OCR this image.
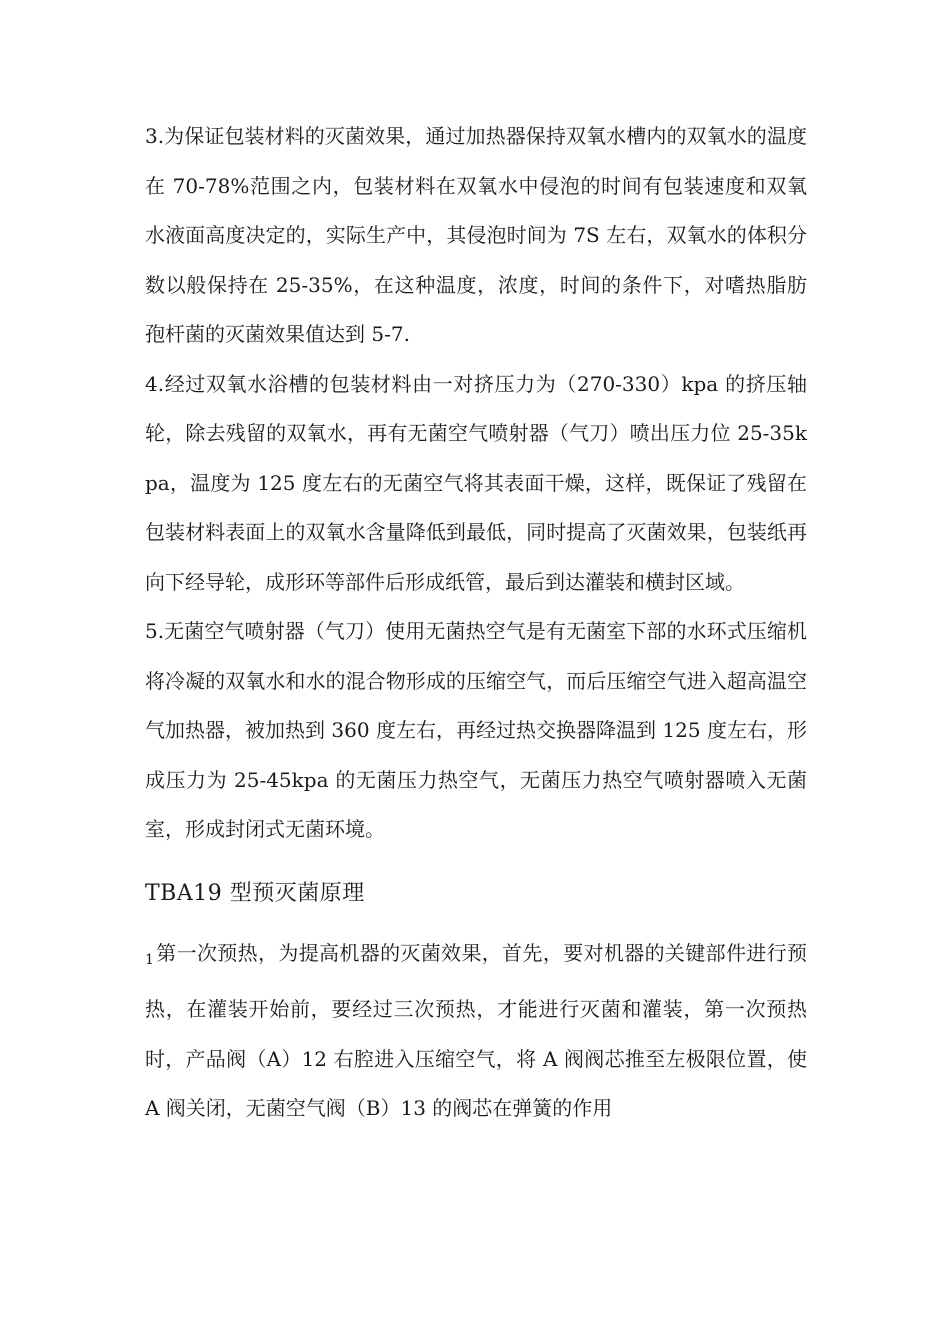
3.为保证包装材料的灭菌效果，通过加热器保持双氧水槽内的双氧水的温度在 70-78%范围之内，包装材料在双氧水中侵泡的时间有包装速度和双氧水液面高度决定的，实际生产中，其侵泡时间为 7S 左右，双氧水的体积分数以般保持在 25-35%，在这种温度，浓度，时间的条件下，对嗜热脂肪孢杆菌的灭菌效果值达到 5-7.

4.经过双氧水浴槽的包装材料由一对挤压力为（270-330）kpa 的挤压轴轮，除去残留的双氧水，再有无菌空气喷射器（气刀）喷出压力位 25-35kpa，温度为 125 度左右的无菌空气将其表面干燥，这样，既保证了残留在包装材料表面上的双氧水含量降低到最低，同时提高了灭菌效果，包装纸再向下经导轮，成形环等部件后形成纸管，最后到达灌装和横封区域。

5.无菌空气喷射器（气刀）使用无菌热空气是有无菌室下部的水环式压缩机将冷凝的双氧水和水的混合物形成的压缩空气，而后压缩空气进入超高温空气加热器，被加热到 360 度左右，再经过热交换器降温到 125 度左右，形成压力为 25-45kpa 的无菌压力热空气，无菌压力热空气喷射器喷入无菌室，形成封闭式无菌环境。

TBA19 型预灭菌原理

$_1$ 第一次预热，为提高机器的灭菌效果，首先，要对机器的关键部件进行预热，在灌装开始前，要经过三次预热，才能进行灭菌和灌装，第一次预热时，产品阀（A）12 右腔进入压缩空气，将 A 阀阀芯推至左极限位置，使 A 阀关闭，无菌空气阀（B）13 的阀芯在弹簧的作用
